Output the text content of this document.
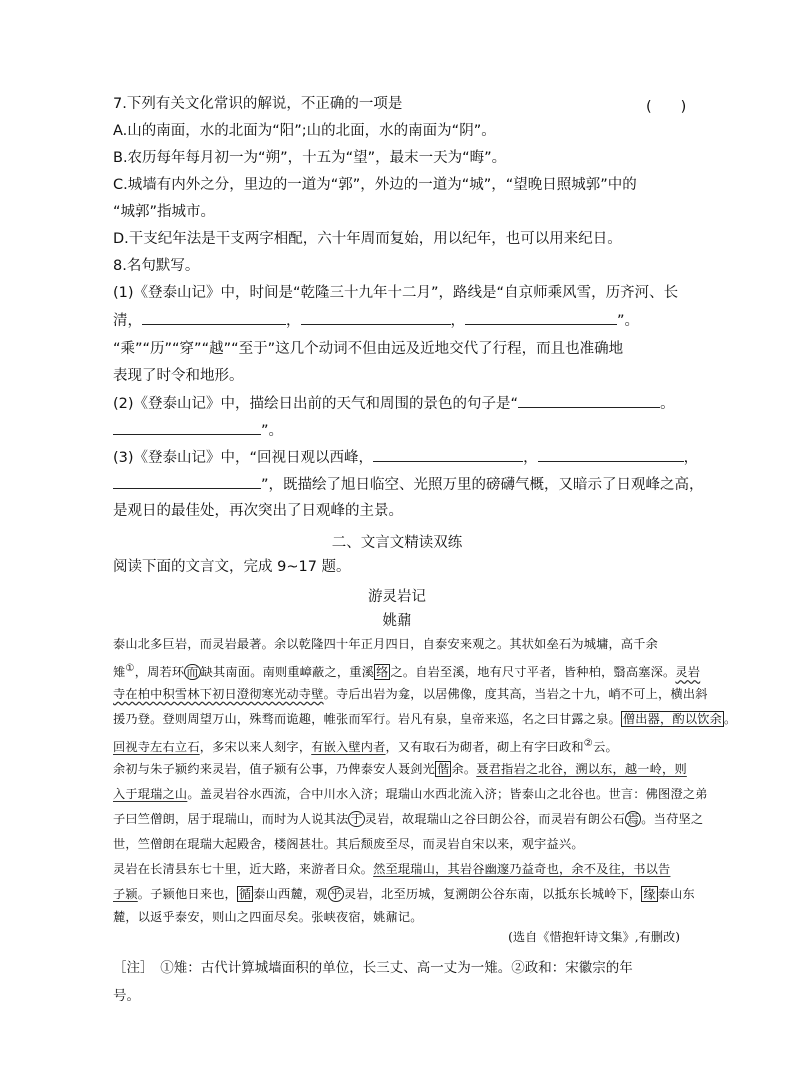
7.下列有关文化常识的解说，不正确的一项是	(　　)
A.山的南面，水的北面为“阳”;山的北面，水的南面为“阴”。
B.农历每年每月初一为“朔”，十五为“望”，最末一天为“晦”。
C.城墙有内外之分，里边的一道为“郭”，外边的一道为“城”，“望晚日照城郭”中的
“城郭”指城市。
D.干支纪年法是干支两字相配，六十年周而复始，用以纪年，也可以用来纪日。
8.名句默写。
(1)《登泰山记》中，时间是“乾隆三十九年十二月”，路线是“自京师乘风雪，历齐河、长
清，	，	，	”。
“乘”“历”“穿”“越”“至于”这几个动词不但由远及近地交代了行程，而且也准确地
表现了时令和地形。
(2)《登泰山记》中，描绘日出前的天气和周围的景色的句子是“	。
”。
(3)《登泰山记》中，“回视日观以西峰，	，	，
”，既描绘了旭日临空、光照万里的磅礴气概，又暗示了日观峰之高，
是观日的最佳处，再次突出了日观峰的主景。
二、文言文精读双练
阅读下面的文言文，完成 9~17 题。
游灵岩记
姚鼐
泰山北多巨岩，而灵岩最著。余以乾隆四十年正月四日，自泰安来观之。其状如垒石为城墉，高千余
雉①，周若环 而 缺其南面。南则重嶂蔽之，重溪 络 之。自岩至溪，地有尺寸平者，皆种柏，翳高塞深。灵岩
寺在柏中积雪林下初日澄彻寒光动寺壁。寺后出岩为龛，以居佛像，度其高，当岩之十九，峭不可上，横出斜
援乃登。登则周望万山，殊骛而诡趣，帷张而军行。岩凡有泉，皇帝来巡，名之曰甘露之泉。 僧出器，酌以饮余 。
回视寺左右立石，多宋以来人刻字，有嵌入壁内者，又有取石为砌者，砌上有字曰政和②云。
余初与朱子颍约来灵岩，值子颍有公事，乃俾泰安人聂剑光 偕 余。聂君指岩之北谷，溯以东，越一岭，则
入于琨瑞之山。盖灵岩谷水西流，合中川水入济；琨瑞山水西北流入济；皆泰山之北谷也。世言：佛图澄之弟
子曰竺僧朗，居于琨瑞山，而时为人说其法 于 灵岩，故琨瑞山之谷曰朗公谷，而灵岩有朗公石 焉 。当苻坚之
世，竺僧朗在琨瑞大起殿舍，楼阁甚壮。其后颓废至尽，而灵岩自宋以来，观宇益兴。
灵岩在长清县东七十里，近大路，来游者日众。然至琨瑞山，其岩谷幽邃乃益奇也，余不及往，书以告
子颍。子颍他日来也， 循 泰山西麓，观 乎 灵岩，北至历城，复溯朗公谷东南，以抵东长城岭下， 缘 泰山东
麓，以返乎泰安，则山之四面尽矣。张峡夜宿，姚鼐记。
(选自《惜抱轩诗文集》,有删改)
［注］　①雉：古代计算城墙面积的单位，长三丈、高一丈为一雉。②政和：宋徽宗的年
号。
